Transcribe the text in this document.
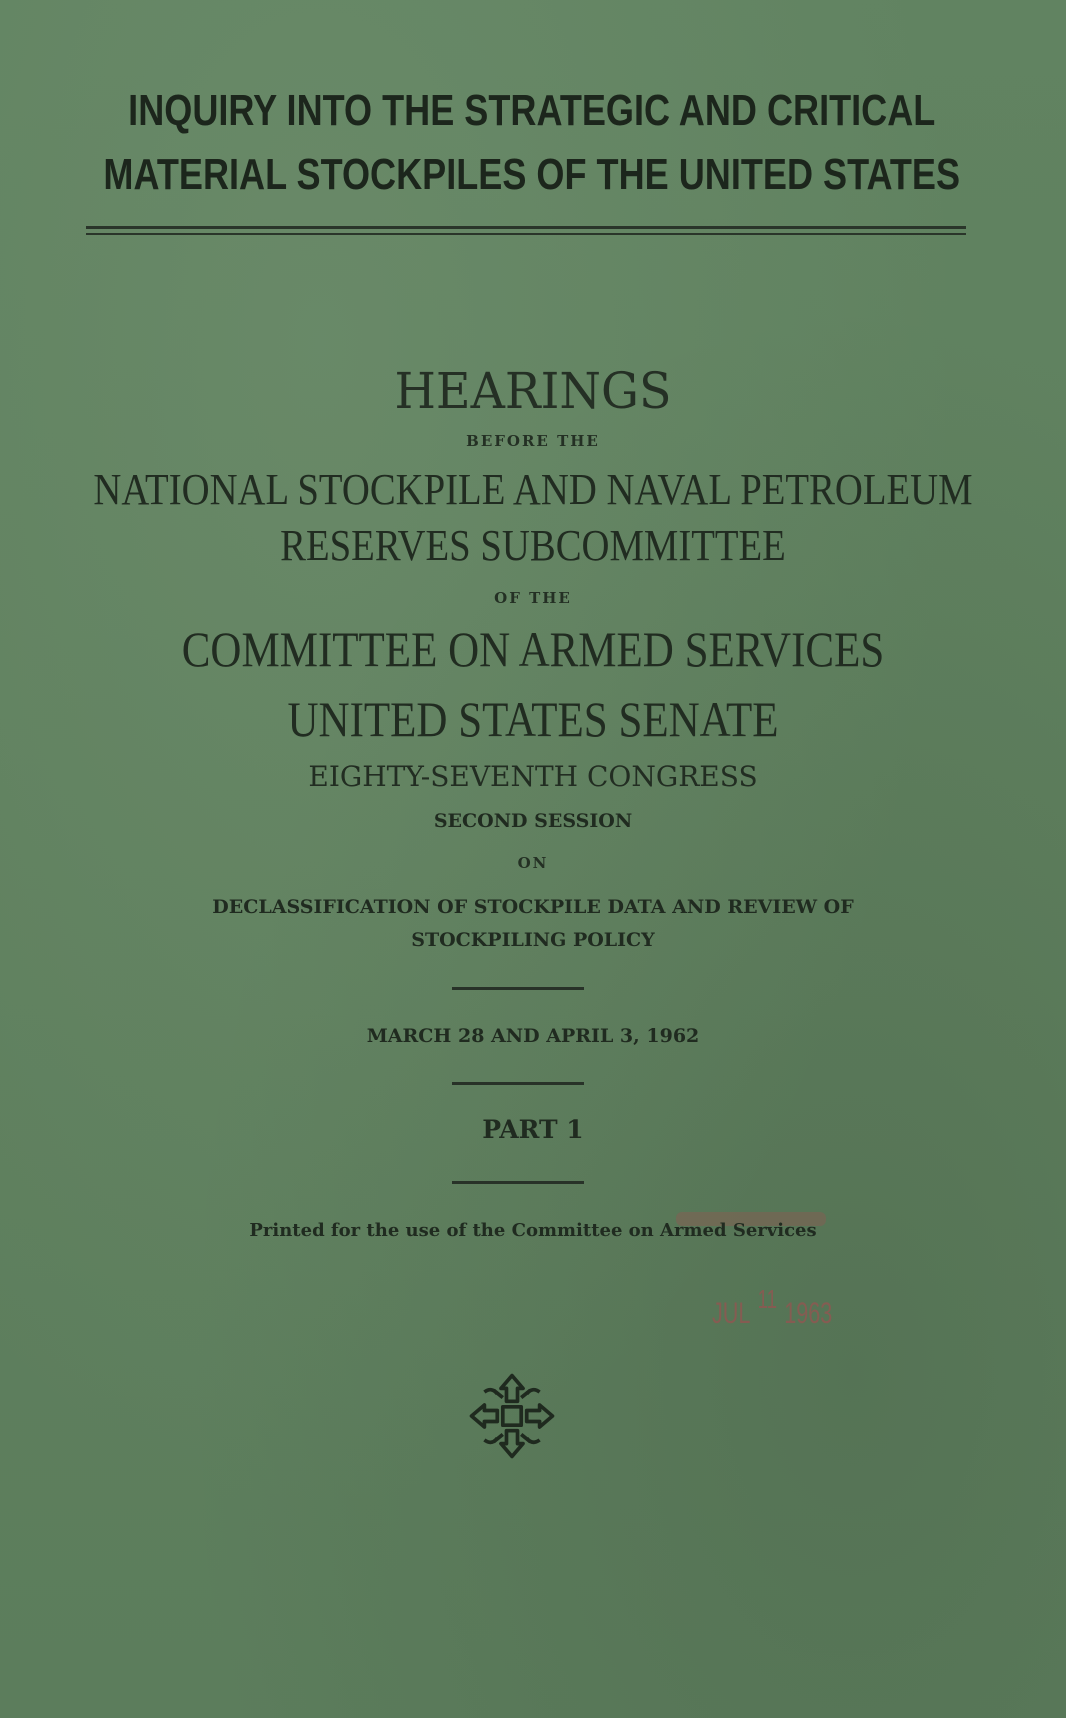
INQUIRY INTO THE STRATEGIC AND CRITICAL
MATERIAL STOCKPILES OF THE UNITED STATES
HEARINGS
BEFORE THE
NATIONAL STOCKPILE AND NAVAL PETROLEUM
RESERVES SUBCOMMITTEE
OF THE
COMMITTEE ON ARMED SERVICES
UNITED STATES SENATE
EIGHTY-SEVENTH CONGRESS
SECOND SESSION
ON
DECLASSIFICATION OF STOCKPILE DATA AND REVIEW OF
STOCKPILING POLICY
MARCH 28 AND APRIL 3, 1962
PART 1
Printed for the use of the Committee on Armed Services
JUL $^{11}$ 1963
